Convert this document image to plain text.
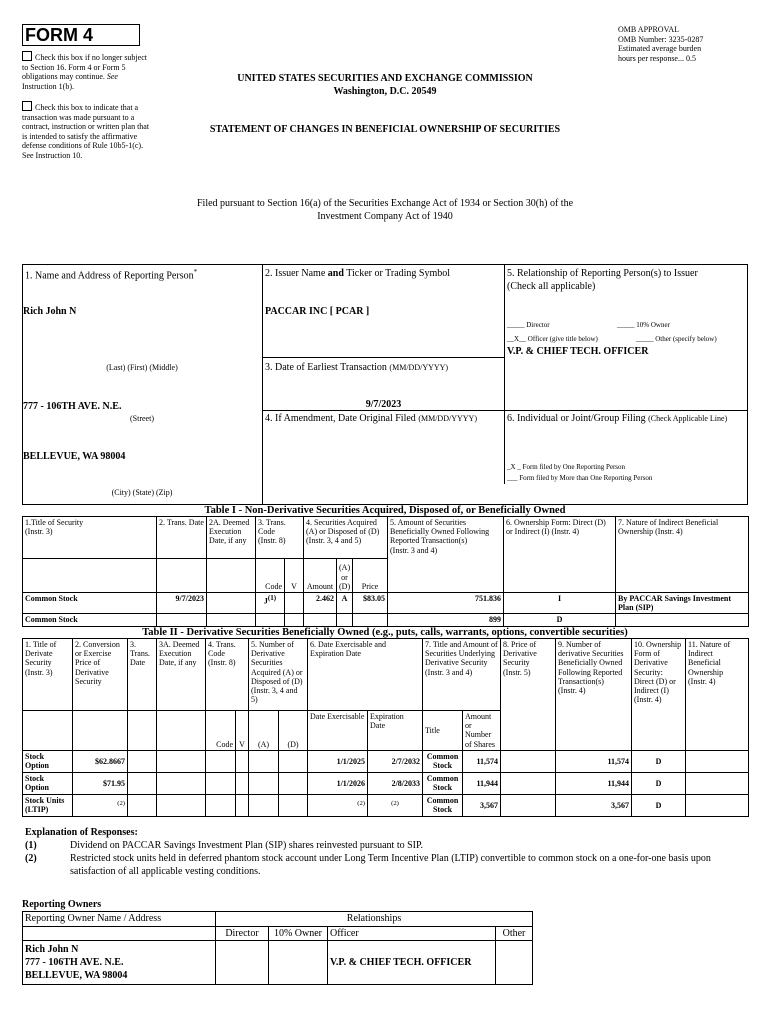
FORM 4
Check this box if no longer subject to Section 16. Form 4 or Form 5 obligations may continue. See Instruction 1(b).
Check this box to indicate that a transaction was made pursuant to a contract, instruction or written plan that is intended to satisfy the affirmative defense conditions of Rule 10b5-1(c). See Instruction 10.
UNITED STATES SECURITIES AND EXCHANGE COMMISSION
Washington, D.C. 20549
STATEMENT OF CHANGES IN BENEFICIAL OWNERSHIP OF SECURITIES
OMB APPROVAL
OMB Number: 3235-0287
Estimated average burden
hours per response... 0.5
Filed pursuant to Section 16(a) of the Securities Exchange Act of 1934 or Section 30(h) of the
Investment Company Act of 1940
1. Name and Address of Reporting Person*
Rich John N
(Last) (First) (Middle)
777 - 106TH AVE. N.E.
(Street)
BELLEVUE, WA 98004
(City) (State) (Zip)
2. Issuer Name and Ticker or Trading Symbol
PACCAR INC [ PCAR ]
3. Date of Earliest Transaction (MM/DD/YYYY)
9/7/2023
4. If Amendment, Date Original Filed (MM/DD/YYYY)
5. Relationship of Reporting Person(s) to Issuer
(Check all applicable)
_____ Director	_____ 10% Owner
__X__ Officer (give title below)	_____ Other (specify below)
V.P. & CHIEF TECH. OFFICER
6. Individual or Joint/Group Filing (Check Applicable Line)
_X _ Form filed by One Reporting Person
___ Form filed by More than One Reporting Person
Table I - Non-Derivative Securities Acquired, Disposed of, or Beneficially Owned
1.Title of Security
(Instr. 3)	2. Trans. Date	2A. Deemed Execution Date, if any	3. Trans. Code
(Instr. 8)		4. Securities Acquired (A) or Disposed of (D)
(Instr. 3, 4 and 5)			5. Amount of Securities Beneficially Owned Following Reported Transaction(s)
(Instr. 3 and 4)	6. Ownership Form: Direct (D) or Indirect (I) (Instr. 4)	7. Nature of Indirect Beneficial Ownership (Instr. 4)
			Code	V	Amount	(A)
or
(D)	Price			
Common Stock	9/7/2023		$J^{(1)}$		2.462	A	$83.05	751.836	I	By PACCAR Savings Investment Plan (SIP)
Common Stock								899	D	
Table II - Derivative Securities Beneficially Owned (e.g., puts, calls, warrants, options, convertible securities)
1. Title of Derivate Security
(Instr. 3)	2. Conversion or Exercise Price of Derivative Security	3. Trans. Date	3A. Deemed Execution Date, if any	4. Trans. Code
(Instr. 8)		5. Number of Derivative Securities Acquired (A) or Disposed of (D)
(Instr. 3, 4 and 5)		6. Date Exercisable and Expiration Date		7. Title and Amount of Securities Underlying Derivative Security
(Instr. 3 and 4)		8. Price of Derivative Security
(Instr. 5)	9. Number of derivative Securities Beneficially Owned Following Reported Transaction(s)
(Instr. 4)	10. Ownership Form of Derivative Security: Direct (D) or Indirect (I)
(Instr. 4)	11. Nature of Indirect Beneficial Ownership
(Instr. 4)
				Code	V	(A)	(D)	Date Exercisable	Expiration Date	Title	Amount or Number of Shares				
Stock Option	$62.8667							1/1/2025	2/7/2032	Common Stock	11,574		11,574	D	
Stock Option	$71.95							1/1/2026	2/8/2033	Common Stock	11,944		11,944	D	
Stock Units (LTIP)	$^{(2)}$							$^{(2)}$	$^{(2)}$	Common Stock	3,567		3,567	D	
Explanation of Responses:
(1)	Dividend on PACCAR Savings Investment Plan (SIP) shares reinvested pursuant to SIP.
(2)	Restricted stock units held in deferred phantom stock account under Long Term Incentive Plan (LTIP) convertible to common stock on a one-for-one basis upon satisfaction of all applicable vesting conditions.
Reporting Owners
Reporting Owner Name / Address	Relationships			
	Director	10% Owner	Officer	Other

Rich John N
777 - 106TH AVE. N.E.
BELLEVUE, WA 98004			V.P. & CHIEF TECH. OFFICER	
